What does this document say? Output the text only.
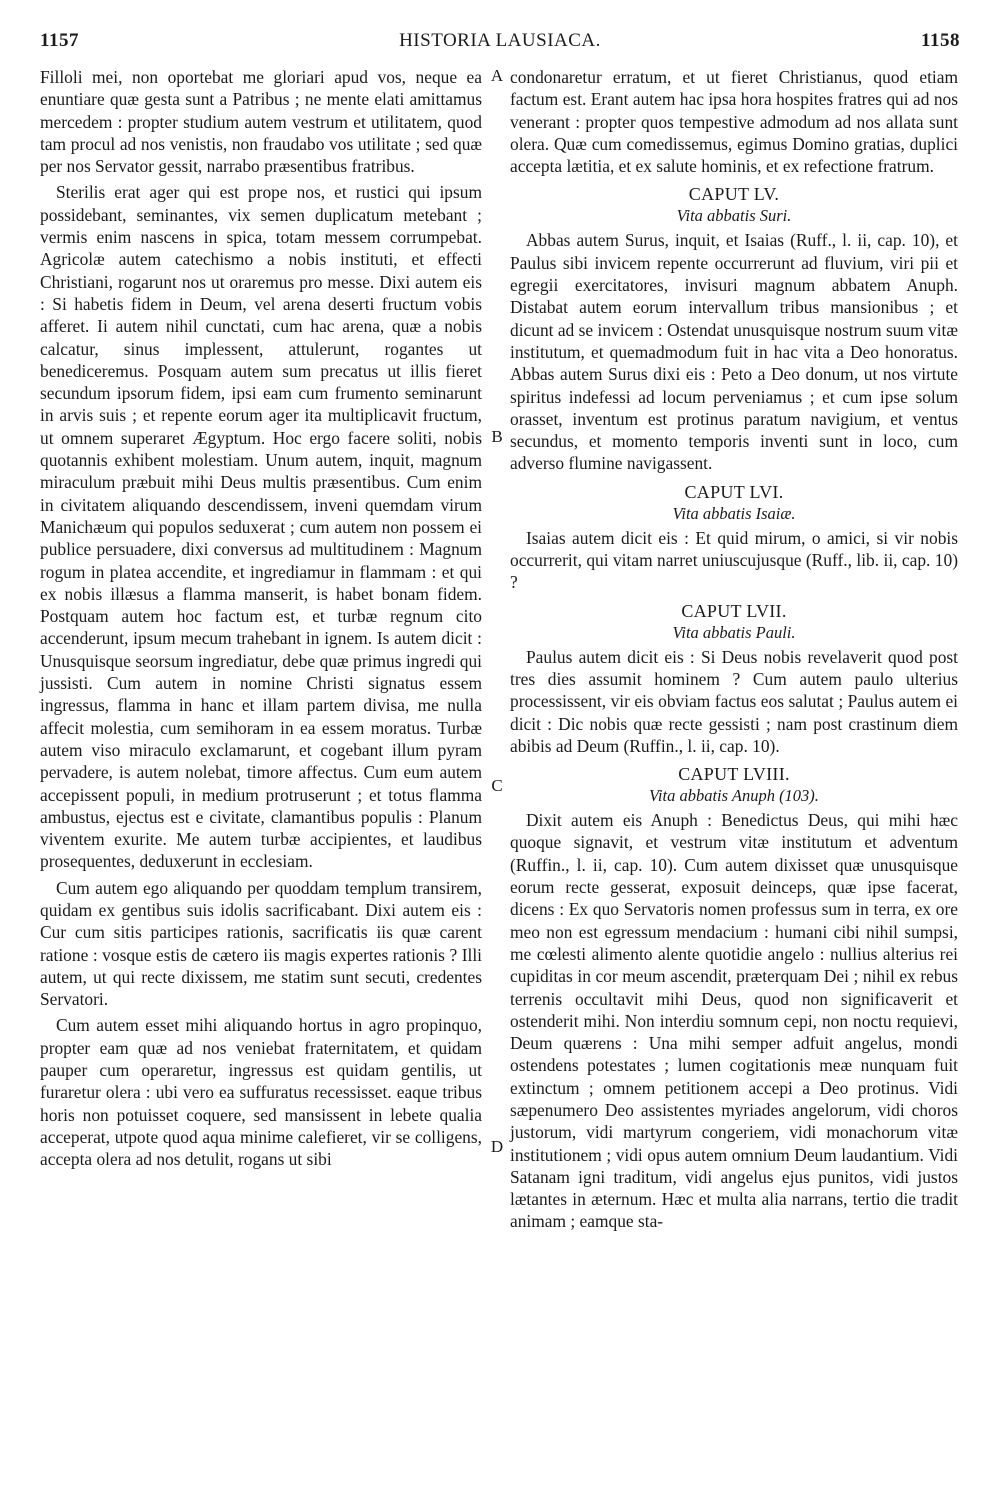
HISTORIA LAUSIACA.
1157	1158
A
B
C
D

Filloli mei, non oportebat me gloriari apud vos, neque ea enuntiare quæ gesta sunt a Patribus ; ne mente elati amittamus mercedem : propter studium autem vestrum et utilitatem, quod tam procul ad nos venistis, non fraudabo vos utilitate ; sed quæ per nos Servator gessit, narrabo præsentibus fratribus.

Sterilis erat ager qui est prope nos, et rustici qui ipsum possidebant, seminantes, vix semen duplicatum metebant ; vermis enim nascens in spica, totam messem corrumpebat. Agricolæ autem catechismo a nobis instituti, et effecti Christiani, rogarunt nos ut oraremus pro messe. Dixi autem eis : Si habetis fidem in Deum, vel arena deserti fructum vobis afferet. Ii autem nihil cunctati, cum hac arena, quæ a nobis calcatur, sinus implessent, attulerunt, rogantes ut benediceremus. Posquam autem sum precatus ut illis fieret secundum ipsorum fidem, ipsi eam cum frumento seminarunt in arvis suis ; et repente eorum ager ita multiplicavit fructum, ut omnem superaret Ægyptum. Hoc ergo facere soliti, nobis quotannis exhibent molestiam. Unum autem, inquit, magnum miraculum præbuit mihi Deus multis præsentibus. Cum enim in civitatem aliquando descendissem, inveni quemdam virum Manichæum qui populos seduxerat ; cum autem non possem ei publice persuadere, dixi conversus ad multitudinem : Magnum rogum in platea accendite, et ingrediamur in flammam : et qui ex nobis illæsus a flamma manserit, is habet bonam fidem. Postquam autem hoc factum est, et turbæ regnum cito accenderunt, ipsum mecum trahebant in ignem. Is autem dicit : Unusquisque seorsum ingrediatur, debe quæ primus ingredi qui jussisti. Cum autem in nomine Christi signatus essem ingressus, flamma in hanc et illam partem divisa, me nulla affecit molestia, cum semihoram in ea essem moratus. Turbæ autem viso miraculo exclamarunt, et cogebant illum pyram pervadere, is autem nolebat, timore affectus. Cum eum autem accepissent populi, in medium protruserunt ; et totus flamma ambustus, ejectus est e civitate, clamantibus populis : Planum viventem exurite. Me autem turbæ accipientes, et laudibus prosequentes, deduxerunt in ecclesiam.

Cum autem ego aliquando per quoddam templum transirem, quidam ex gentibus suis idolis sacrificabant. Dixi autem eis : Cur cum sitis participes rationis, sacrificatis iis quæ carent ratione : vosque estis de cætero iis magis expertes rationis ? Illi autem, ut qui recte dixissem, me statim sunt secuti, credentes Servatori.

Cum autem esset mihi aliquando hortus in agro propinquo, propter eam quæ ad nos veniebat fraternitatem, et quidam pauper cum operaretur, ingressus est quidam gentilis, ut furaretur olera : ubi vero ea suffuratus recessisset. eaque tribus horis non potuisset coquere, sed mansissent in lebete qualia acceperat, utpote quod aqua minime calefieret, vir se colligens, accepta olera ad nos detulit, rogans ut sibi

condonaretur erratum, et ut fieret Christianus, quod etiam factum est. Erant autem hac ipsa hora hospites fratres qui ad nos venerant : propter quos tempestive admodum ad nos allata sunt olera. Quæ cum comedissemus, egimus Domino gratias, duplici accepta lætitia, et ex salute hominis, et ex refectione fratrum.

CAPUT LV.
Vita abbatis Suri.

Abbas autem Surus, inquit, et Isaias (Ruff., l. ii, cap. 10), et Paulus sibi invicem repente occurrerunt ad fluvium, viri pii et egregii exercitatores, invisuri magnum abbatem Anuph. Distabat autem eorum intervallum tribus mansionibus ; et dicunt ad se invicem : Ostendat unusquisque nostrum suum vitæ institutum, et quemadmodum fuit in hac vita a Deo honoratus. Abbas autem Surus dixi eis : Peto a Deo donum, ut nos virtute spiritus indefessi ad locum perveniamus ; et cum ipse solum orasset, inventum est protinus paratum navigium, et ventus secundus, et momento temporis inventi sunt in loco, cum adverso flumine navigassent.

CAPUT LVI.
Vita abbatis Isaiæ.

Isaias autem dicit eis : Et quid mirum, o amici, si vir nobis occurrerit, qui vitam narret uniuscujusque (Ruff., lib. ii, cap. 10) ?

CAPUT LVII.
Vita abbatis Pauli.

Paulus autem dicit eis : Si Deus nobis revelaverit quod post tres dies assumit hominem ? Cum autem paulo ulterius processissent, vir eis obviam factus eos salutat ; Paulus autem ei dicit : Dic nobis quæ recte gessisti ; nam post crastinum diem abibis ad Deum (Ruffin., l. ii, cap. 10).

CAPUT LVIII.
Vita abbatis Anuph (103).

Dixit autem eis Anuph : Benedictus Deus, qui mihi hæc quoque signavit, et vestrum vitæ institutum et adventum (Ruffin., l. ii, cap. 10). Cum autem dixisset quæ unusquisque eorum recte gesserat, exposuit deinceps, quæ ipse facerat, dicens : Ex quo Servatoris nomen professus sum in terra, ex ore meo non est egressum mendacium : humani cibi nihil sumpsi, me cœlesti alimento alente quotidie angelo : nullius alterius rei cupiditas in cor meum ascendit, præterquam Dei ; nihil ex rebus terrenis occultavit mihi Deus, quod non significaverit et ostenderit mihi. Non interdiu somnum cepi, non noctu requievi, Deum quærens : Una mihi semper adfuit angelus, mondi ostendens potestates ; lumen cogitationis meæ nunquam fuit extinctum ; omnem petitionem accepi a Deo protinus. Vidi sæpenumero Deo assistentes myriades angelorum, vidi choros justorum, vidi martyrum congeriem, vidi monachorum vitæ institutionem ; vidi opus autem omnium Deum laudantium. Vidi Satanam igni traditum, vidi angelus ejus punitos, vidi justos lætantes in æternum. Hæc et multa alia narrans, tertio die tradit animam ; eamque sta-
